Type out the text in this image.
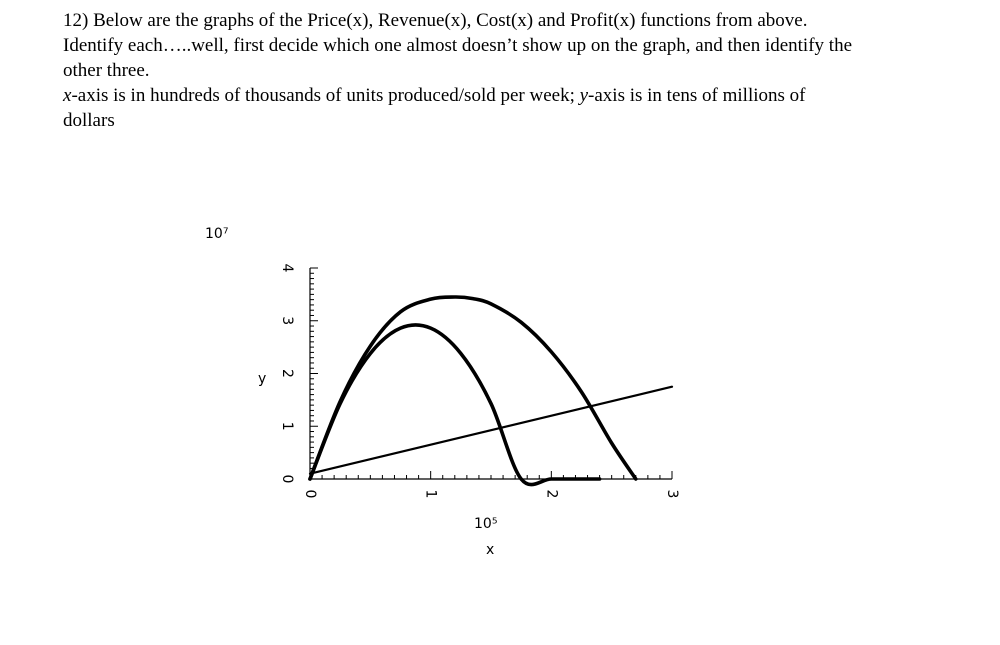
12) Below are the graphs of the Price(x), Revenue(x), Cost(x) and Profit(x) functions from above.

Identify each…..well, first decide which one almost doesn’t show up on the graph, and then identify the

other three.

x-axis is in hundreds of thousands of units produced/sold per week; y-axis is in tens of millions of

dollars

10⁷
10⁵
x
y
0	1	2	3
0
1
2
3
4
